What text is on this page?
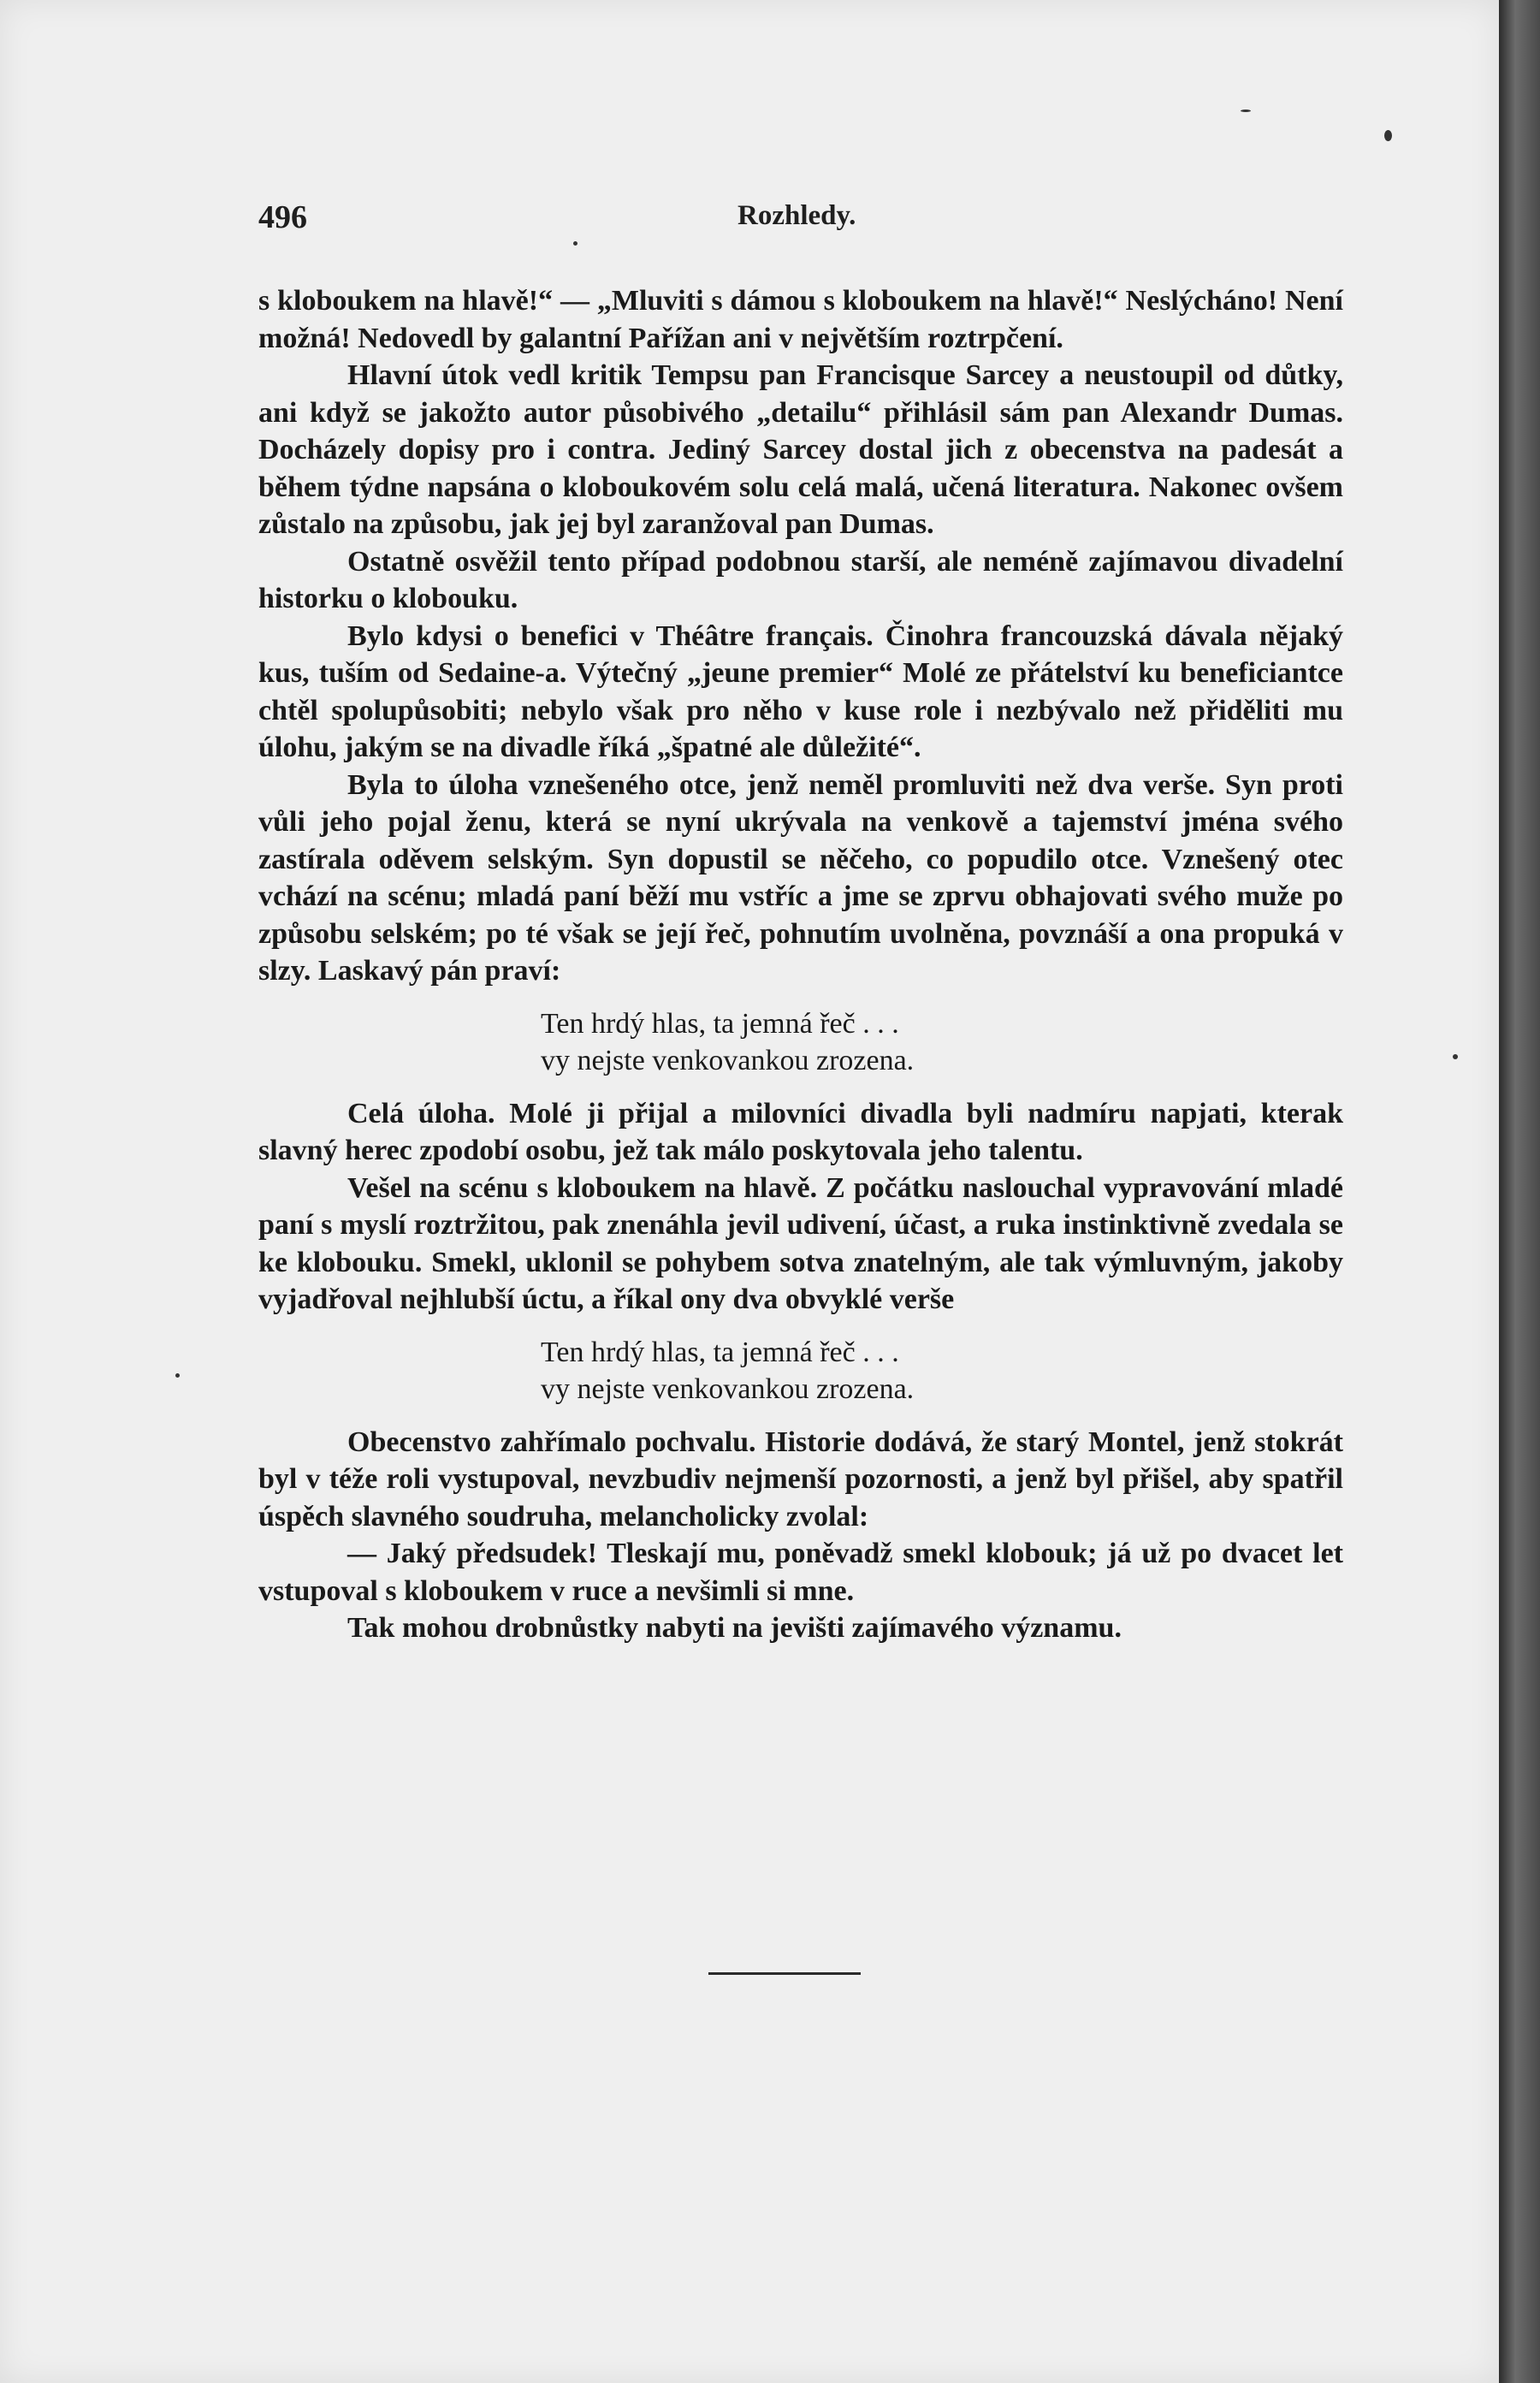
496	Rozhledy.

s kloboukem na hlavě!“ — „Mluviti s dámou s kloboukem na hlavě!“ Neslýcháno! Není možná! Nedovedl by galantní Pařížan ani v největším roztrpčení.

Hlavní útok vedl kritik Tempsu pan Francisque Sarcey a neustoupil od důtky, ani když se jakožto autor působivého „detailu“ přihlásil sám pan Alexandr Dumas. Docházely dopisy pro i contra. Jediný Sarcey dostal jich z obecenstva na padesát a během týdne napsána o kloboukovém solu celá malá, učená literatura. Nakonec ovšem zůstalo na způsobu, jak jej byl zaranžoval pan Dumas.

Ostatně osvěžil tento případ podobnou starší, ale neméně zajímavou divadelní historku o klobouku.

Bylo kdysi o benefici v Théâtre français. Činohra francouzská dávala nějaký kus, tuším od Sedaine-a. Výtečný „jeune premier“ Molé ze přátelství ku beneficiantce chtěl spolupůsobiti; nebylo však pro něho v kuse role i nezbývalo než přiděliti mu úlohu, jakým se na divadle říká „špatné ale důležité“.

Byla to úloha vznešeného otce, jenž neměl promluviti než dva verše. Syn proti vůli jeho pojal ženu, která se nyní ukrývala na venkově a tajemství jména svého zastírala oděvem selským. Syn dopustil se něčeho, co popudilo otce. Vznešený otec vchází na scénu; mladá paní běží mu vstříc a jme se zprvu obhajovati svého muže po způsobu selském; po té však se její řeč, pohnutím uvolněna, povznáší a ona propuká v slzy. Laskavý pán praví:

Ten hrdý hlas, ta jemná řeč . . .
vy nejste venkovankou zrozena.

Celá úloha. Molé ji přijal a milovníci divadla byli nadmíru napjati, kterak slavný herec zpodobí osobu, jež tak málo poskytovala jeho talentu.

Vešel na scénu s kloboukem na hlavě. Z počátku naslouchal vypravování mladé paní s myslí roztržitou, pak znenáhla jevil udivení, účast, a ruka instinktivně zvedala se ke klobouku. Smekl, uklonil se pohybem sotva znatelným, ale tak výmluvným, jakoby vyjadřoval nejhlubší úctu, a říkal ony dva obvyklé verše

Ten hrdý hlas, ta jemná řeč . . .
vy nejste venkovankou zrozena.

Obecenstvo zahřímalo pochvalu. Historie dodává, že starý Montel, jenž stokrát byl v téže roli vystupoval, nevzbudiv nejmenší pozornosti, a jenž byl přišel, aby spatřil úspěch slavného soudruha, melancholicky zvolal:

— Jaký předsudek! Tleskají mu, poněvadž smekl klobouk; já už po dvacet let vstupoval s kloboukem v ruce a nevšimli si mne.

Tak mohou drobnůstky nabyti na jevišti zajímavého významu.
